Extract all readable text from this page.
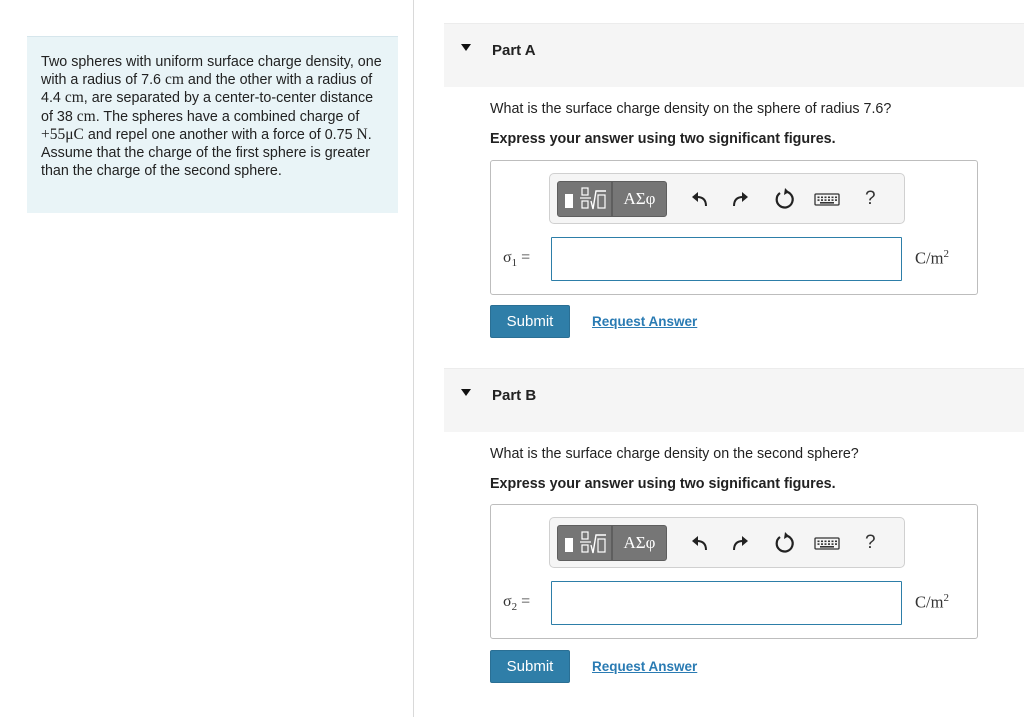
Two spheres with uniform surface charge density, one with a radius of 7.6 cm and the other with a radius of 4.4 cm, are separated by a center-to-center distance of 38 cm. The spheres have a combined charge of +55μC and repel one another with a force of 0.75 N. Assume that the charge of the first sphere is greater than the charge of the second sphere.
Part A
What is the surface charge density on the sphere of radius 7.6?
Express your answer using two significant figures.
ΑΣφ	?
$\sigma_1$ =	$C/m^2$
Submit	Request Answer
Part B
What is the surface charge density on the second sphere?
Express your answer using two significant figures.
ΑΣφ	?
$\sigma_2$ =	$C/m^2$
Submit	Request Answer
